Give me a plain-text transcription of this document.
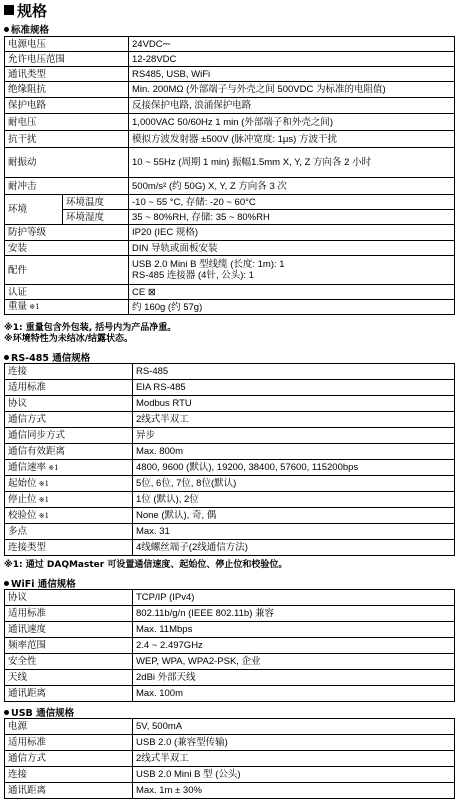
规格
标准规格
电源电压		24VDC⎓

允许电压范围		12-28VDC

通讯类型		RS485, USB, WiFi

绝缘阻抗		Min. 200MΩ (外部端子与外壳之间 500VDC 为标准的电阻值)

保护电路		反接保护电路, 浪涌保护电路

耐电压		1,000VAC 50/60Hz 1 min (外部端子和外壳之间)

抗干扰		模拟方波发射器 ±500V (脉冲宽度: 1μs) 方波干扰

耐振动		10 ~ 55Hz (周期 1 min) 振幅1.5mm X, Y, Z 方向各 2 小时

耐冲击		500m/s² (约 50G) X, Y, Z 方向各 3 次

环境	环境温度	-10 ~ 55 °C, 存储: -20 ~ 60°C

	环境湿度	35 ~ 80%RH, 存储: 35 ~ 80%RH

防护等级		IP20 (IEC 规格)

安装		DIN 导轨或面板安装

配件		USB 2.0 Mini B 型线缆 (长度: 1m): 1
RS-485 连接器 (4针, 公头): 1

认证		CE ⊠

重量 ※1		约 160g (约 57g)
※1: 重量包含外包装, 括号内为产品净重。
※环境特性为未结冰/结露状态。
RS-485 通信规格
连接	RS-485

适用标准	EIA RS-485

协议	Modbus RTU

通信方式	2线式半双工

通信同步方式	异步

通信有效距离	Max. 800m

通信速率 ※1	4800, 9600 (默认), 19200, 38400, 57600, 115200bps

起始位 ※1	5位, 6位, 7位, 8位(默认)

停止位 ※1	1位 (默认), 2位

校验位 ※1	None (默认), 奇, 偶

多点	Max. 31

连接类型	4线螺丝端子(2线通信方法)
※1: 通过 DAQMaster 可设置通信速度、起始位、停止位和校验位。
WiFi 通信规格
协议	TCP/IP (IPv4)

适用标准	802.11b/g/n (IEEE 802.11b) 兼容

通讯速度	Max. 11Mbps

频率范围	2.4 ~ 2.497GHz

安全性	WEP, WPA, WPA2-PSK, 企业

天线	2dBi 外部天线

通讯距离	Max. 100m
USB 通信规格
电源	5V, 500mA

适用标准	USB 2.0 (兼容型传输)

通信方式	2线式半双工

连接	USB 2.0 Mini B 型 (公头)

通讯距离	Max. 1m ± 30%
